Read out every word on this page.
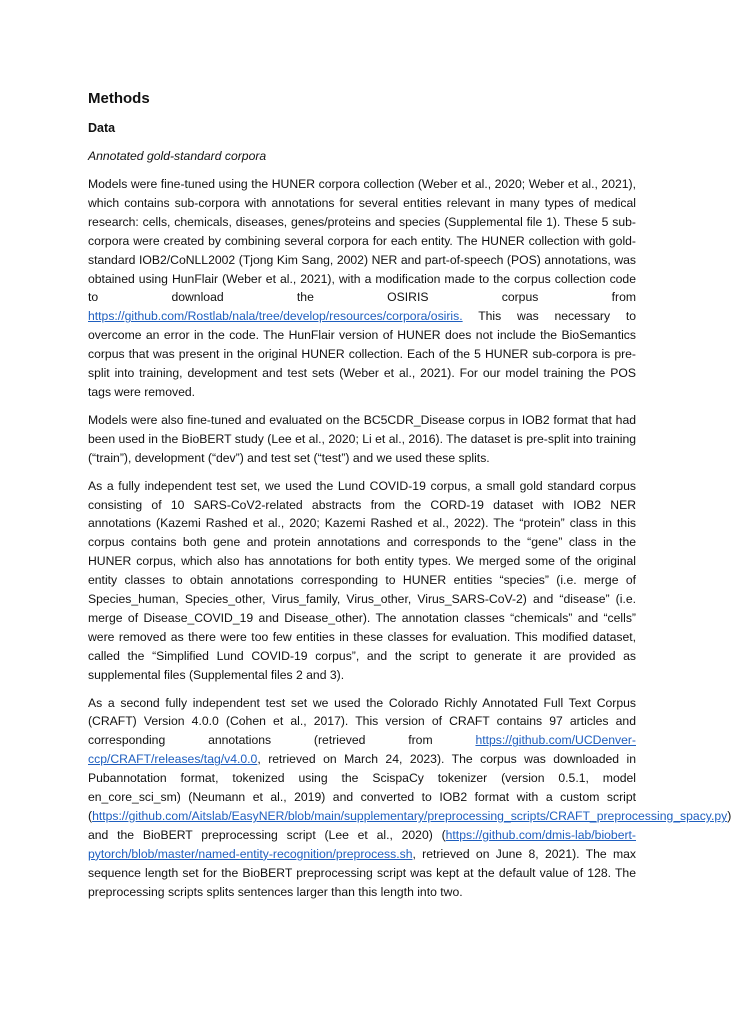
Methods
Data
Annotated gold-standard corpora

Models were fine-tuned using the HUNER corpora collection (Weber et al., 2020; Weber et al., 2021), which contains sub-corpora with annotations for several entities relevant in many types of medical research: cells, chemicals, diseases, genes/proteins and species (Supplemental file 1). These 5 sub-corpora were created by combining several corpora for each entity. The HUNER collection with gold-standard IOB2/CoNLL2002 (Tjong Kim Sang, 2002) NER and part-of-speech (POS) annotations, was obtained using HunFlair (Weber et al., 2021), with a modification made to the corpus collection code to download the OSIRIS corpus from https://github.com/Rostlab/nala/tree/develop/resources/corpora/osiris. This was necessary to overcome an error in the code. The HunFlair version of HUNER does not include the BioSemantics corpus that was present in the original HUNER collection. Each of the 5 HUNER sub-corpora is pre-split into training, development and test sets (Weber et al., 2021). For our model training the POS tags were removed.

Models were also fine-tuned and evaluated on the BC5CDR_Disease corpus in IOB2 format that had been used in the BioBERT study (Lee et al., 2020; Li et al., 2016). The dataset is pre-split into training (“train”), development (“dev”) and test set (“test”) and we used these splits.

As a fully independent test set, we used the Lund COVID-19 corpus, a small gold standard corpus consisting of 10 SARS-CoV2-related abstracts from the CORD-19 dataset with IOB2 NER annotations (Kazemi Rashed et al., 2020; Kazemi Rashed et al., 2022). The “protein” class in this corpus contains both gene and protein annotations and corresponds to the “gene” class in the HUNER corpus, which also has annotations for both entity types. We merged some of the original entity classes to obtain annotations corresponding to HUNER entities “species” (i.e. merge of Species_human, Species_other, Virus_family, Virus_other, Virus_SARS-CoV-2) and “disease” (i.e. merge of Disease_COVID_19 and Disease_other). The annotation classes “chemicals” and “cells” were removed as there were too few entities in these classes for evaluation. This modified dataset, called the “Simplified Lund COVID-19 corpus”, and the script to generate it are provided as supplemental files (Supplemental files 2 and 3).

As a second fully independent test set we used the Colorado Richly Annotated Full Text Corpus (CRAFT) Version 4.0.0 (Cohen et al., 2017). This version of CRAFT contains 97 articles and corresponding annotations (retrieved from https://github.com/UCDenver-ccp/CRAFT/releases/tag/v4.0.0, retrieved on March 24, 2023). The corpus was downloaded in Pubannotation format, tokenized using the ScispaCy tokenizer (version 0.5.1, model en_core_sci_sm) (Neumann et al., 2019) and converted to IOB2 format with a custom script (https://github.com/Aitslab/EasyNER/blob/main/supplementary/preprocessing_scripts/CRAFT_preprocessing_spacy.py) and the BioBERT preprocessing script (Lee et al., 2020) (https://github.com/dmis-lab/biobert-pytorch/blob/master/named-entity-recognition/preprocess.sh, retrieved on June 8, 2021). The max sequence length set for the BioBERT preprocessing script was kept at the default value of 128. The preprocessing scripts splits sentences larger than this length into two.
